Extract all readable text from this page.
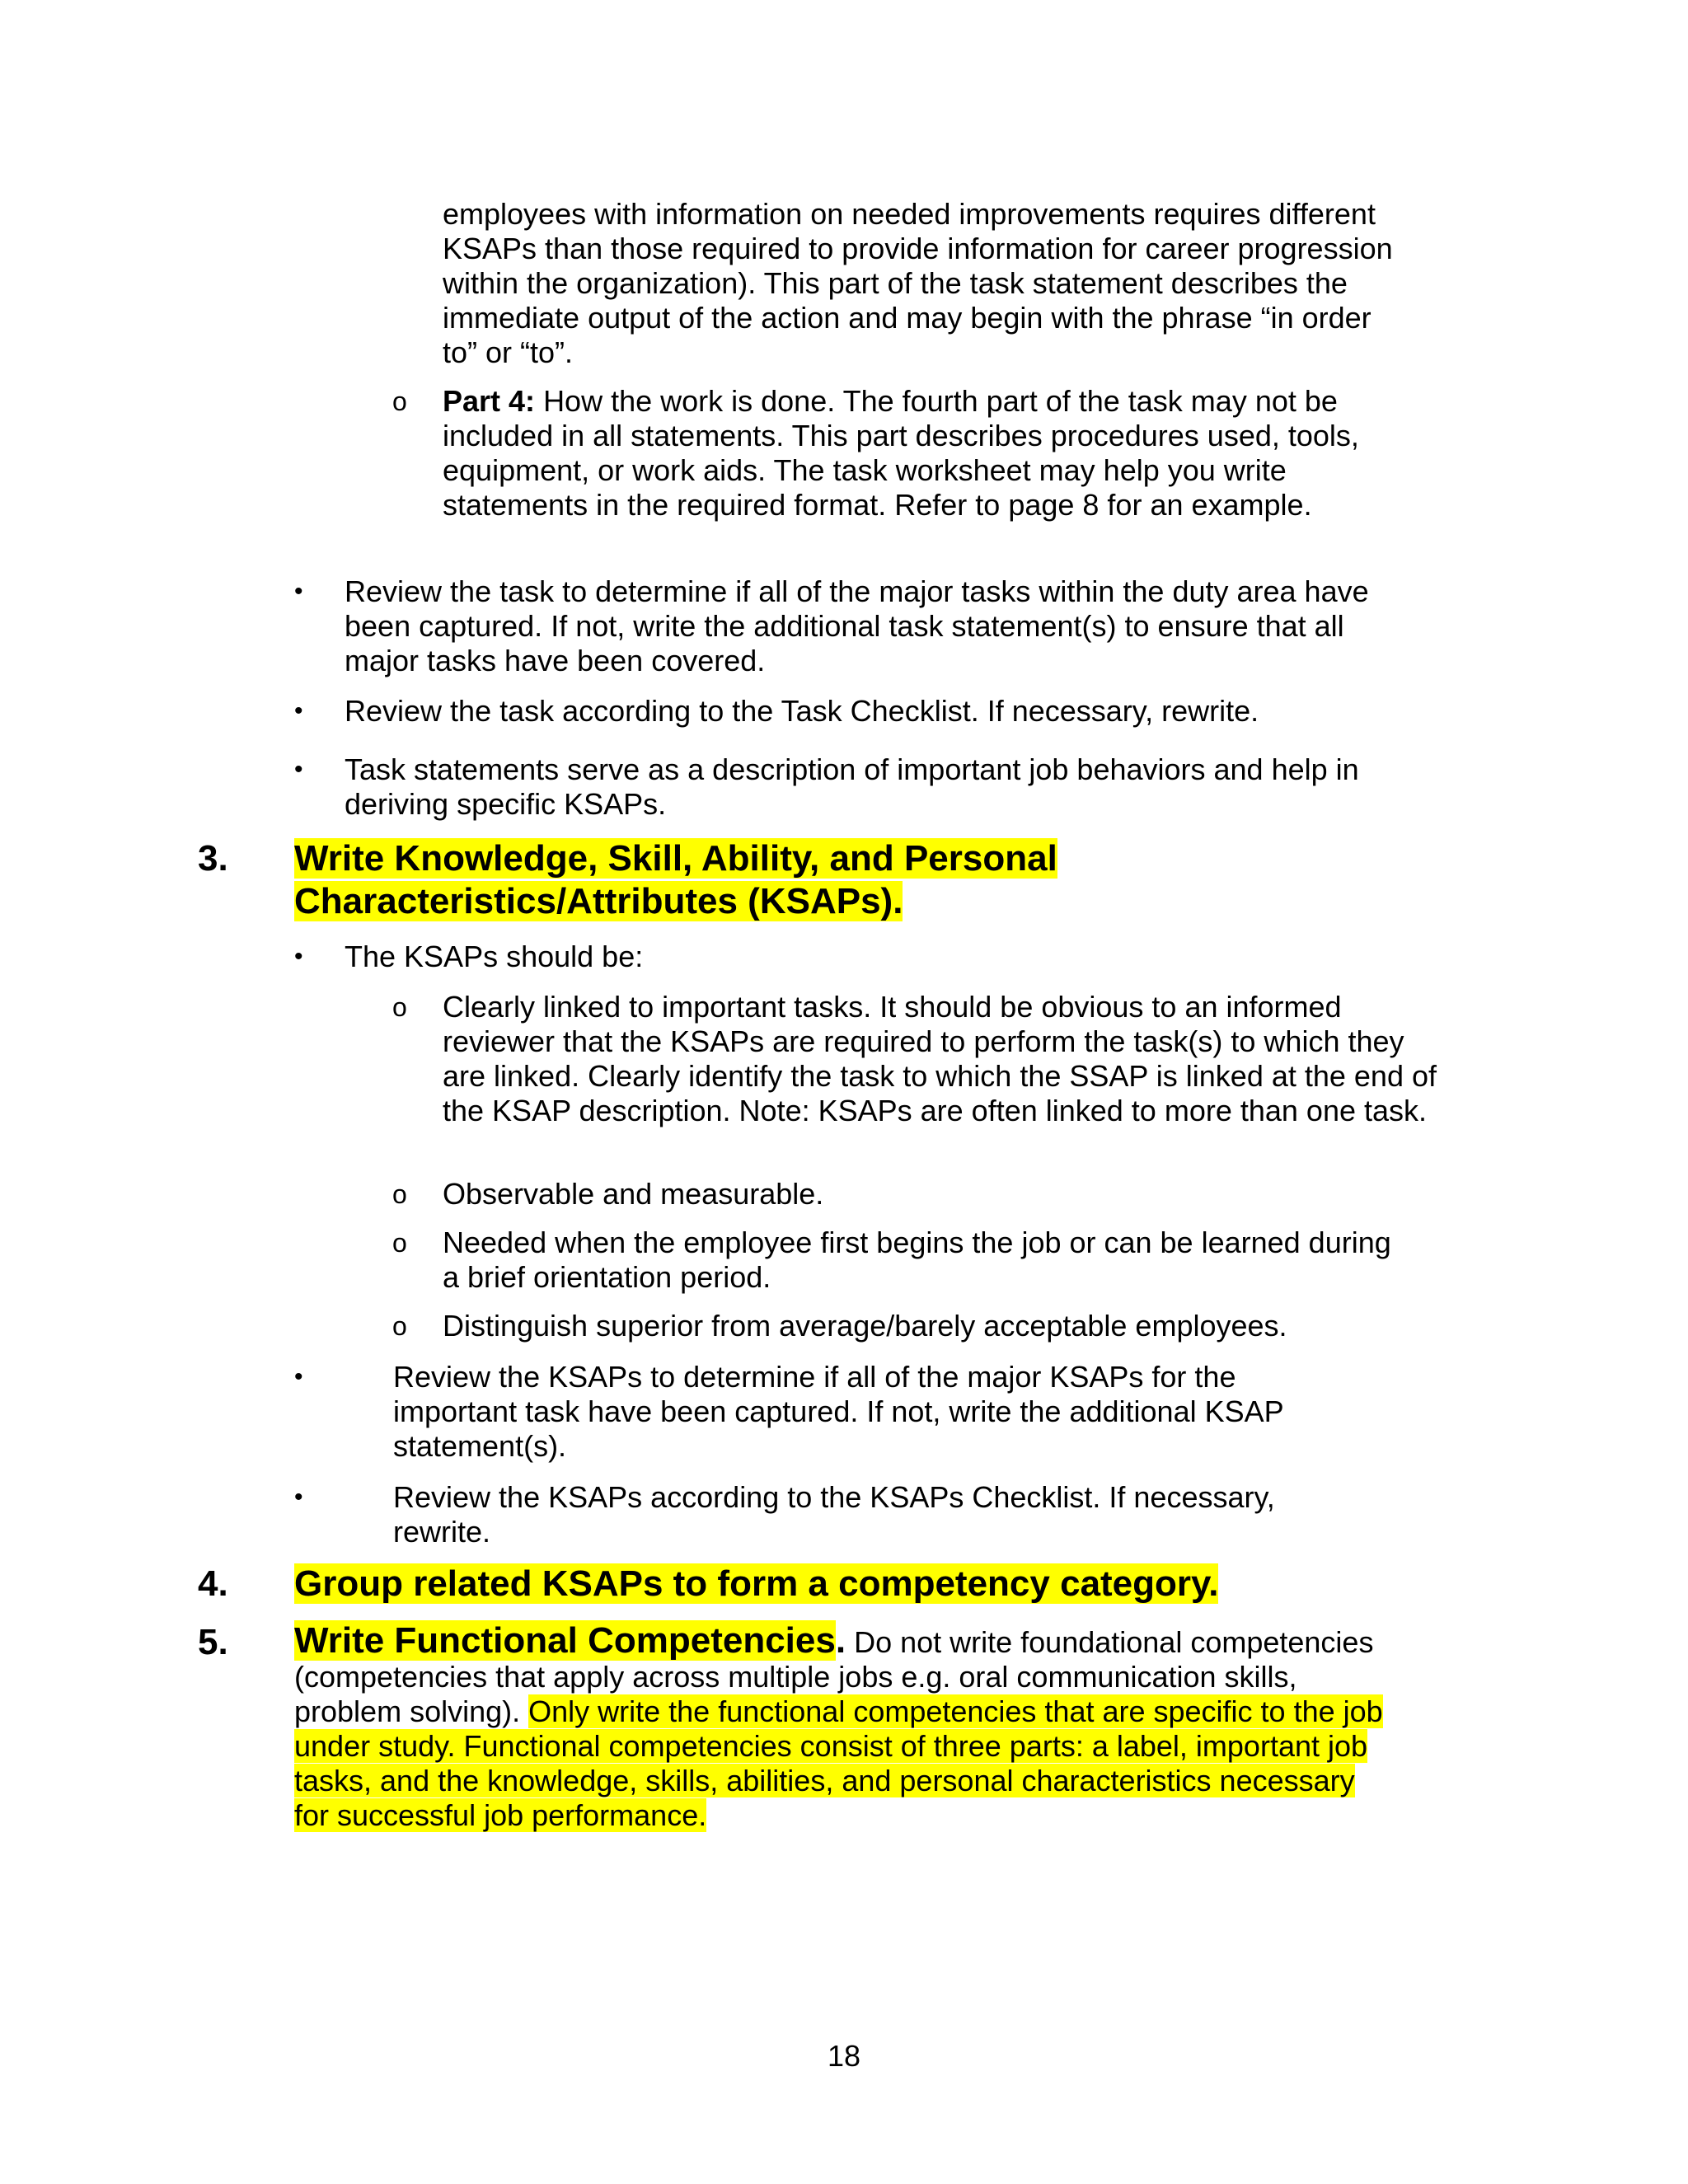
employees with information on needed improvements requires different KSAPs than those required to provide information for career progression within the organization). This part of the task statement describes the immediate output of the action and may begin with the phrase “in order to” or “to”.

o Part 4: How the work is done. The fourth part of the task may not be included in all statements. This part describes procedures used, tools, equipment, or work aids. The task worksheet may help you write statements in the required format. Refer to page 8 for an example.

• Review the task to determine if all of the major tasks within the duty area have been captured. If not, write the additional task statement(s) to ensure that all major tasks have been covered.

• Review the task according to the Task Checklist. If necessary, rewrite.

• Task statements serve as a description of important job behaviors and help in deriving specific KSAPs.

3. Write Knowledge, Skill, Ability, and Personal Characteristics/Attributes (KSAPs).

• The KSAPs should be:

o Clearly linked to important tasks. It should be obvious to an informed reviewer that the KSAPs are required to perform the task(s) to which they are linked. Clearly identify the task to which the SSAP is linked at the end of the KSAP description. Note: KSAPs are often linked to more than one task.

o Observable and measurable.

o Needed when the employee first begins the job or can be learned during a brief orientation period.

o Distinguish superior from average/barely acceptable employees.

•	Review the KSAPs to determine if all of the major KSAPs for the important task have been captured. If not, write the additional KSAP statement(s).

•	Review the KSAPs according to the KSAPs Checklist. If necessary, rewrite.

4. Group related KSAPs to form a competency category.

5. Write Functional Competencies. Do not write foundational competencies (competencies that apply across multiple jobs e.g. oral communication skills, problem solving). Only write the functional competencies that are specific to the job under study. Functional competencies consist of three parts: a label, important job tasks, and the knowledge, skills, abilities, and personal characteristics necessary for successful job performance.

18
